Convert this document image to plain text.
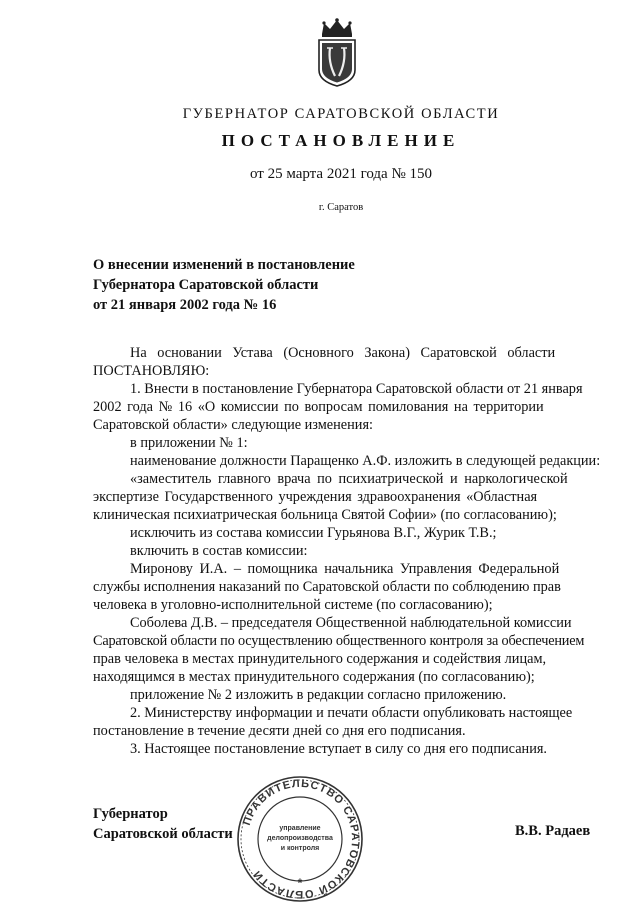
ГУБЕРНАТОР САРАТОВСКОЙ ОБЛАСТИ
ПОСТАНОВЛЕНИЕ
от 25 марта 2021 года № 150
г. Саратов
О внесении изменений в постановление
Губернатора Саратовской области
от 21 января 2002 года № 16
На основании Устава (Основного Закона) Саратовской области
ПОСТАНОВЛЯЮ:
1. Внести в постановление Губернатора Саратовской области от 21 января
2002 года № 16 «О комиссии по вопросам помилования на территории
Саратовской области» следующие изменения:
в приложении № 1:
наименование должности Паращенко А.Ф. изложить в следующей редакции:
«заместитель главного врача по психиатрической и наркологической
экспертизе Государственного учреждения здравоохранения «Областная
клиническая психиатрическая больница Святой Софии» (по согласованию);
исключить из состава комиссии Гурьянова В.Г., Журик Т.В.;
включить в состав комиссии:
Миронову И.А. – помощника начальника Управления Федеральной
службы исполнения наказаний по Саратовской области по соблюдению прав
человека в уголовно-исполнительной системе (по согласованию);
Соболева Д.В. – председателя Общественной наблюдательной комиссии
Саратовской области по осуществлению общественного контроля за обеспечением
прав человека в местах принудительного содержания и содействия лицам,
находящимся в местах принудительного содержания (по согласованию);
приложение № 2 изложить в редакции согласно приложению.
2. Министерству информации и печати области опубликовать настоящее
постановление в течение десяти дней со дня его подписания.
3. Настоящее постановление вступает в силу со дня его подписания.
Губернатор
Саратовской области	В.В. Радаев
ПРАВИТЕЛЬСТВО САРАТОВСКОЙ ОБЛАСТИ
управление
делопроизводства
и контроля
*
